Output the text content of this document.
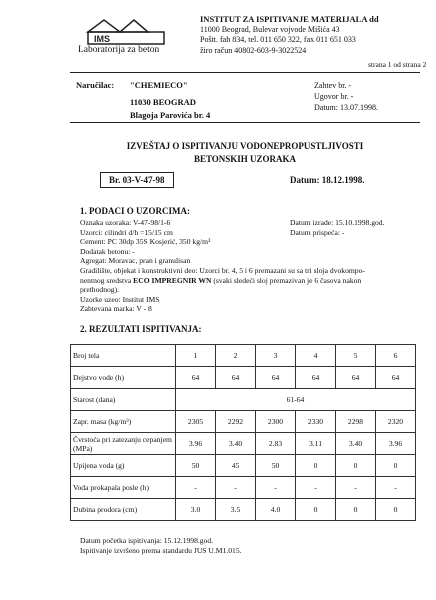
IMS
Laboratorija za beton
INSTITUT ZA ISPITIVANJE MATERIJALA dd
11000 Beograd, Bulevar vojvode Mišića 43
Poštt. fah 834, tel. 011 650 322, fax 011 651 033
žiro račun 40802-603-9-3022524
strana 1 od strana 2
Naručilac: "CHEMIECO"
11030 BEOGRAD
Blagoja Parovića br. 4
Zahtev br. -
Ugovor br. -
Datum: 13.07.1998.
IZVEŠTAJ O ISPITIVANJU VODONEPROPUSTLJIVOSTI
BETONSKIH UZORAKA
Br. 03-V-47-98	Datum: 18.12.1998.
1. PODACI O UZORCIMA:
Oznaka uzoraka: V-47-98/1-6
Uzorci: cilindri d/h =15/15 cm
Cement: PC 30dp 35S Kosjerić, 350 kg/m³
Dodatak betonu: -
Agregat: Moravac, pran i granulisan
Datum izrade: 15.10.1998.god.
Datum prispeća: -
Gradilište, objekat i konstruktivni deo: Uzorci br. 4, 5 i 6 premazani su sa tri sloja dvokompo-
nentnog sredstva ECO IMPREGNIR WN (svaki sledeći sloj premazivan je 6 časova nakon
prethodnog).
Uzorke uzeo: Institut IMS
Zahtevana marka: V - 8
2. REZULTATI ISPITIVANJA:
Broj tela	1	2	3	4	5	6
Dejstvo vode (h)	64	64	64	64	64	64
Starost (dana)	61-64					
Zapr. masa (kg/m³)	2305	2292	2300	2330	2298	2320
Čvrstoća pri zatezanju cepanjem (MPa)	3.96	3.40	2.83	3.11	3.40	3.96
Upijena voda (g)	50	45	50	0	0	0
Voda prokapala posle (h)	-	-	-	-	-	-
Dubina prodora (cm)	3.0	3.5	4.0	0	0	0
Datum početka ispitivanja: 15.12.1998.god.
Ispitivanje izvršeno prema standardu JUS U.M1.015.
